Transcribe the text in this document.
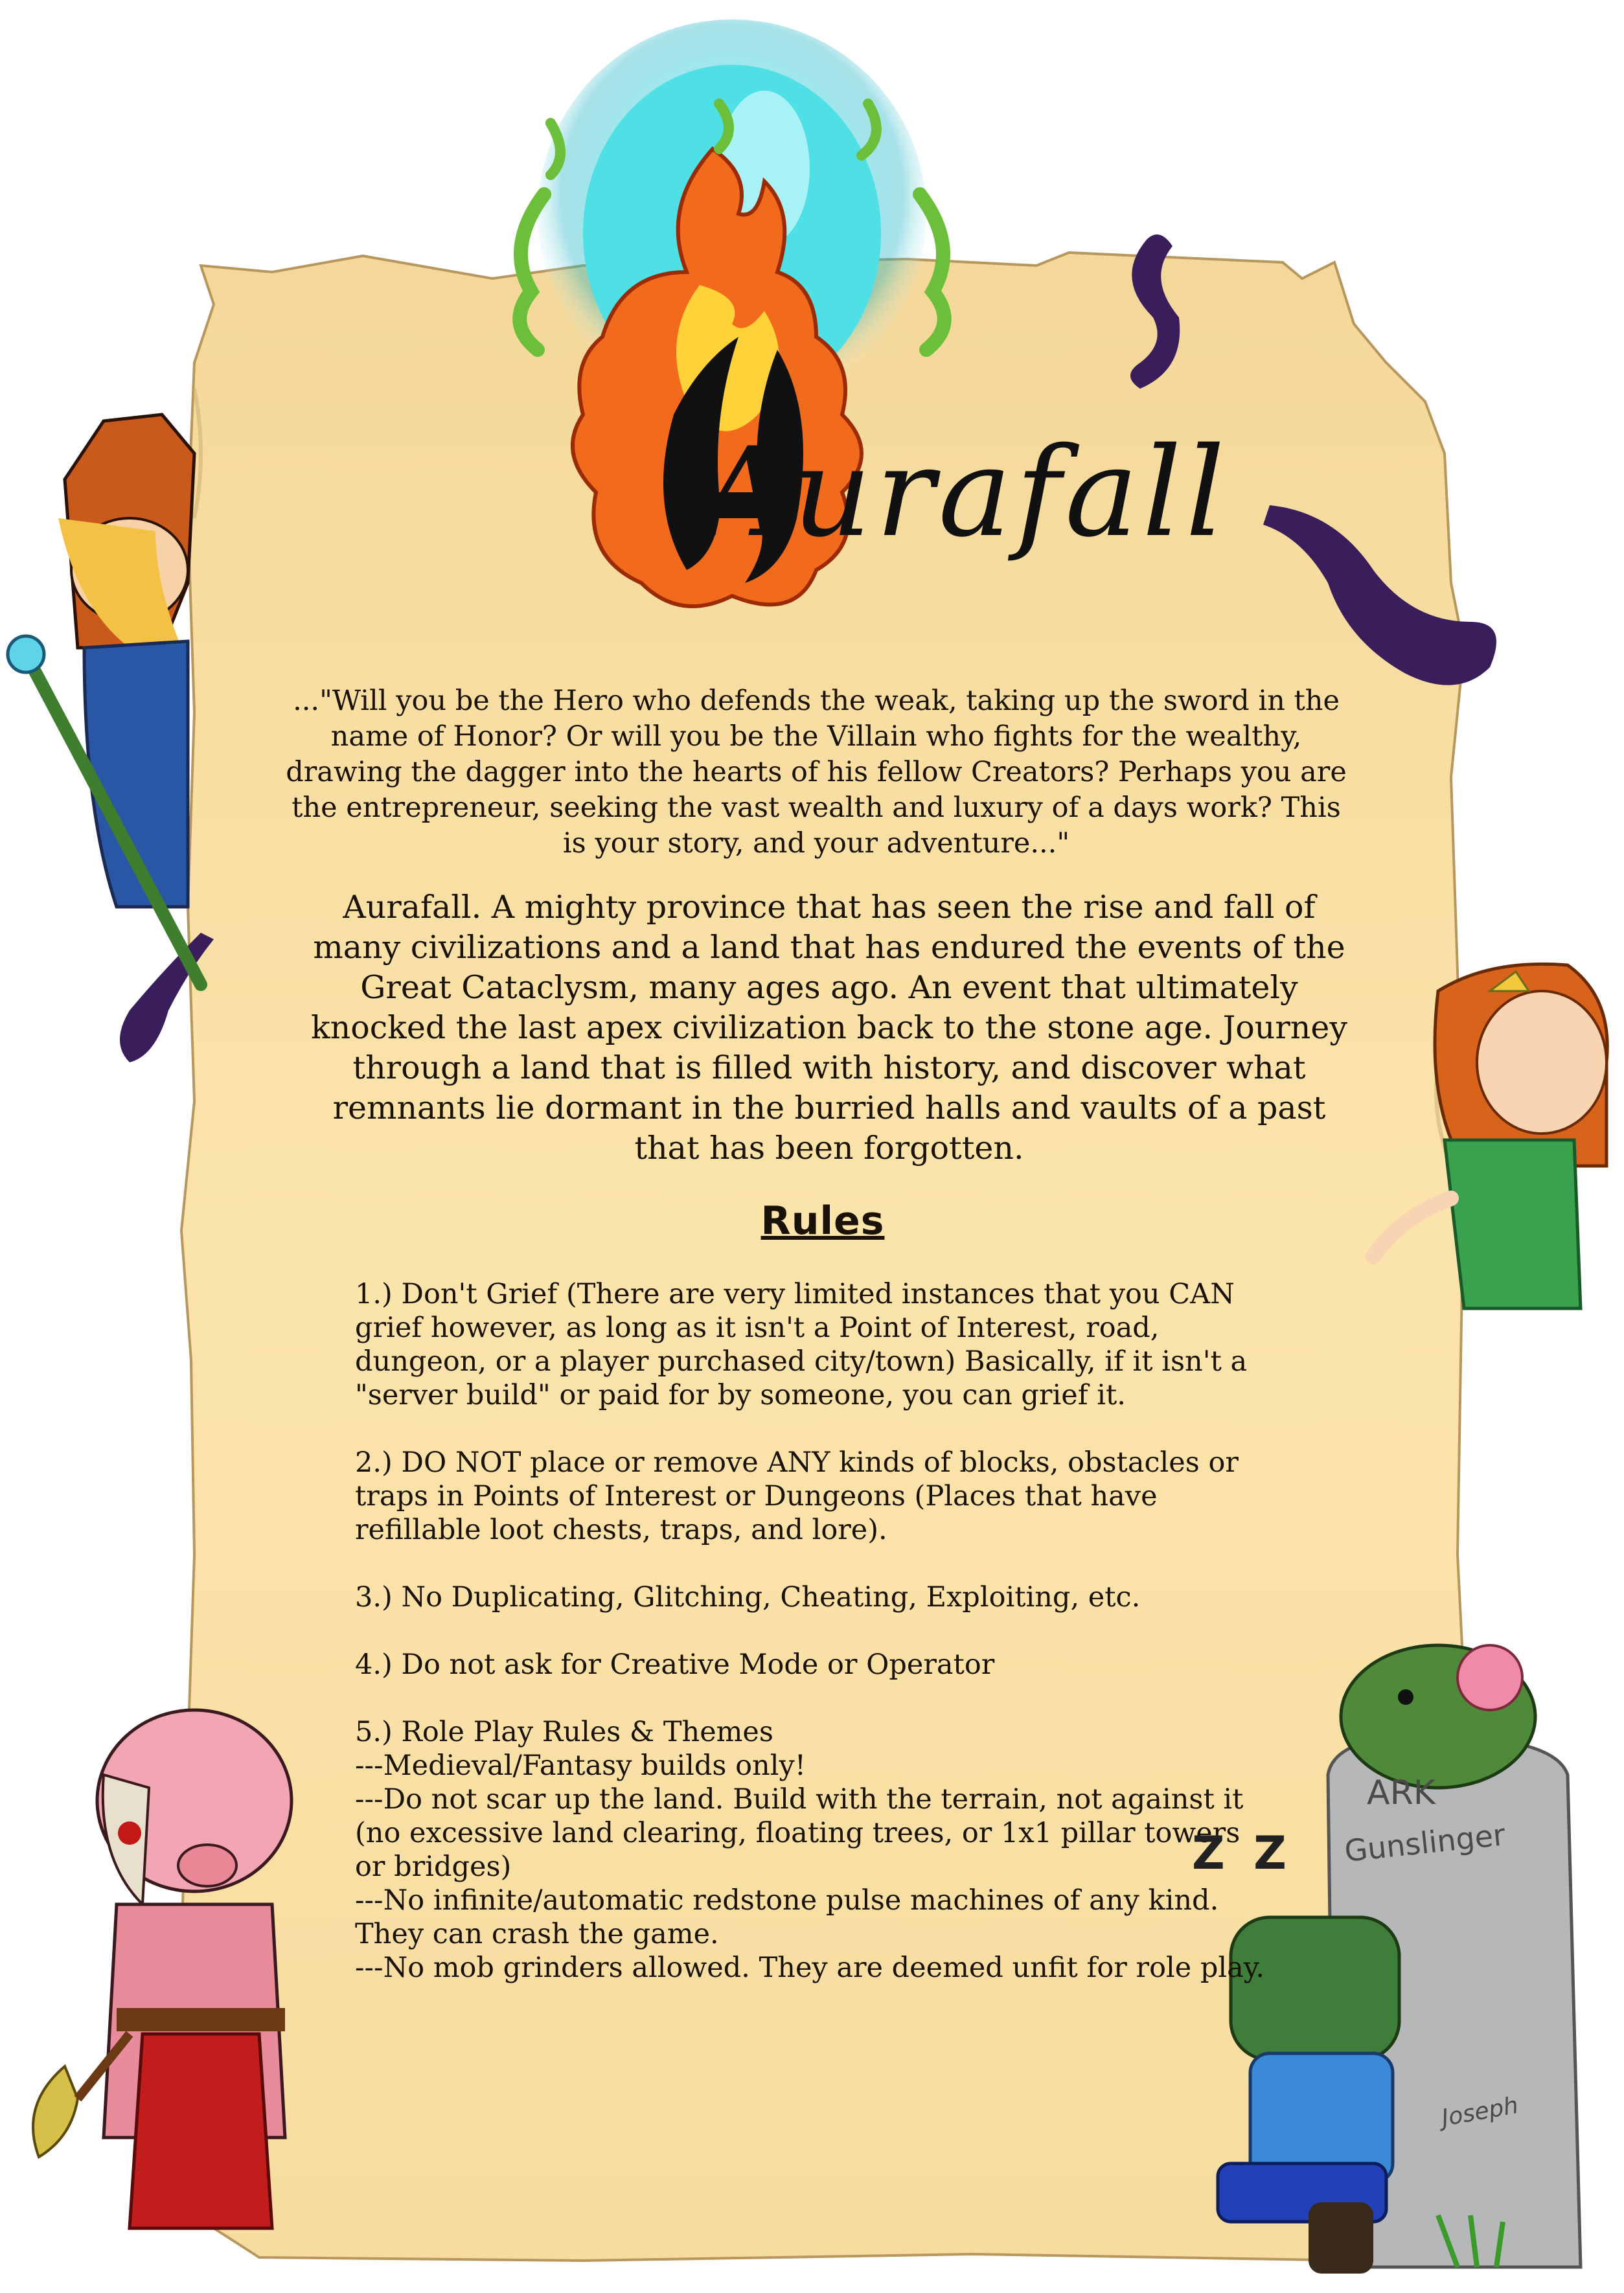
Aurafall
..."Will you be the Hero who defends the weak, taking up the sword in the name of Honor? Or will you be the Villain who fights for the wealthy, drawing the dagger into the hearts of his fellow Creators? Perhaps you are the entrepreneur, seeking the vast wealth and luxury of a days work? This is your story, and your adventure..."
Aurafall. A mighty province that has seen the rise and fall of many civilizations and a land that has endured the events of the Great Cataclysm, many ages ago. An event that ultimately knocked the last apex civilization back to the stone age. Journey through a land that is filled with history, and discover what remnants lie dormant in the burried halls and vaults of a past that has been forgotten.
Rules
1.) Don't Grief (There are very limited instances that you CAN grief however, as long as it isn't a Point of Interest, road, dungeon, or a player purchased city/town) Basically, if it isn't a "server build" or paid for by someone, you can grief it.
2.) DO NOT place or remove ANY kinds of blocks, obstacles or traps in Points of Interest or Dungeons (Places that have refillable loot chests, traps, and lore).
3.) No Duplicating, Glitching, Cheating, Exploiting, etc.
4.) Do not ask for Creative Mode or Operator
5.) Role Play Rules & Themes
---Medieval/Fantasy builds only!
---Do not scar up the land. Build with the terrain, not against it (no excessive land clearing, floating trees, or 1x1 pillar towers or bridges)
---No infinite/automatic redstone pulse machines of any kind. They can crash the game.
---No mob grinders allowed. They are deemed unfit for role play.
ARK
Gunslinger
Joseph
Z Z
